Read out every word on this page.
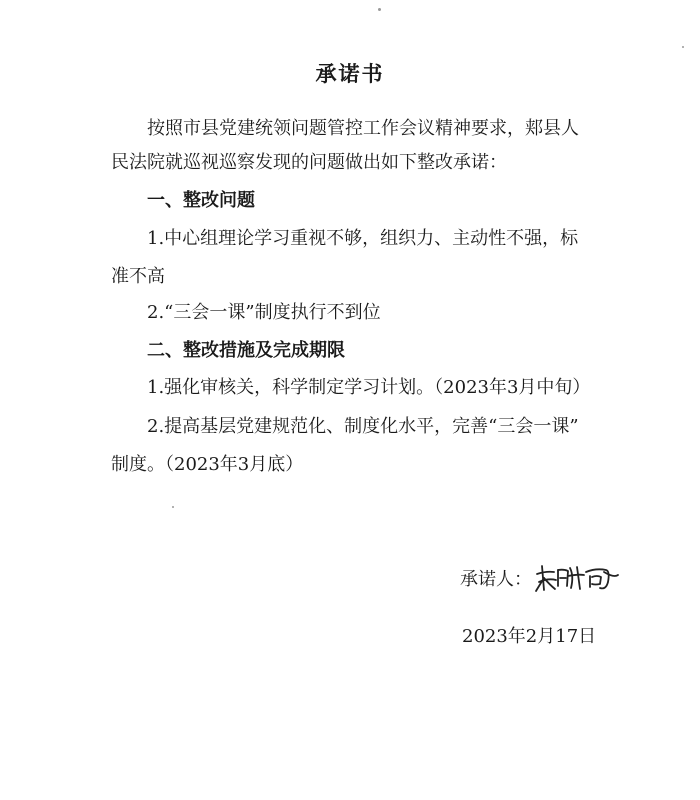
承诺书
按照市县党建统领问题管控工作会议精神要求，郏县人
民法院就巡视巡察发现的问题做出如下整改承诺：
一、整改问题
1.中心组理论学习重视不够，组织力、主动性不强，标
准不高
2.“三会一课”制度执行不到位
二、整改措施及完成期限
1.强化审核关，科学制定学习计划。（2023年3月中旬）
2.提高基层党建规范化、制度化水平，完善“三会一课”
制度。（2023年3月底）
承诺人：
2023年2月17日
